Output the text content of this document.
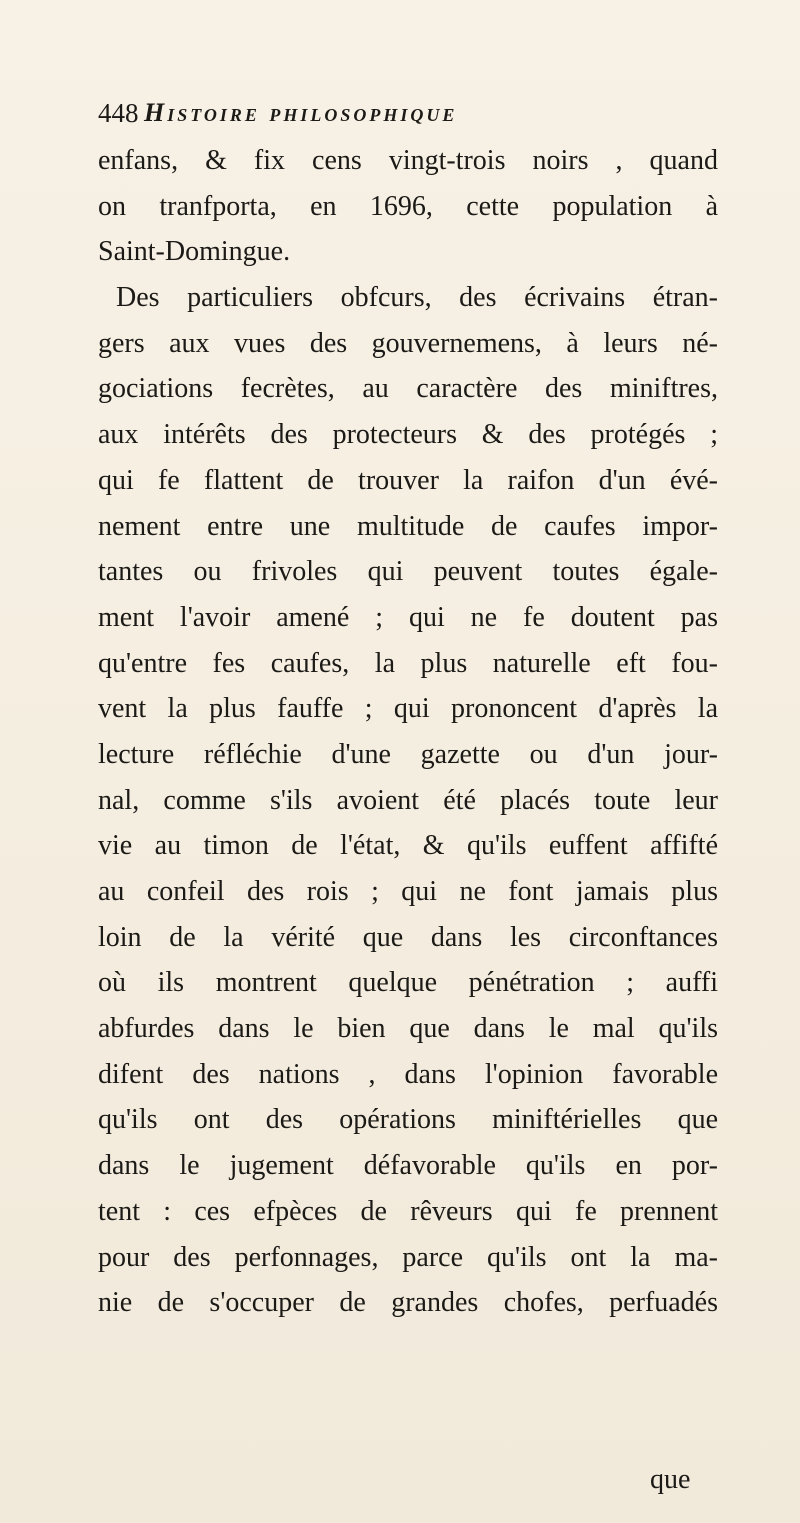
448 Histoire philosophique
enfans, & fix cens vingt-trois noirs , quand
on tranfporta, en 1696, cette population à
Saint-Domingue.
Des particuliers obfcurs, des écrivains étran-
gers aux vues des gouvernemens, à leurs né-
gociations fecrètes, au caractère des miniftres,
aux intérêts des protecteurs & des protégés ;
qui fe flattent de trouver la raifon d'un évé-
nement entre une multitude de caufes impor-
tantes ou frivoles qui peuvent toutes égale-
ment l'avoir amené ; qui ne fe doutent pas
qu'entre fes caufes, la plus naturelle eft fou-
vent la plus fauffe ; qui prononcent d'après la
lecture réfléchie d'une gazette ou d'un jour-
nal, comme s'ils avoient été placés toute leur
vie au timon de l'état, & qu'ils euffent affifté
au confeil des rois ; qui ne font jamais plus
loin de la vérité que dans les circonftances
où ils montrent quelque pénétration ; auffi
abfurdes dans le bien que dans le mal qu'ils
difent des nations , dans l'opinion favorable
qu'ils ont des opérations miniftérielles que
dans le jugement défavorable qu'ils en por-
tent : ces efpèces de rêveurs qui fe prennent
pour des perfonnages, parce qu'ils ont la ma-
nie de s'occuper de grandes chofes, perfuadés
que
